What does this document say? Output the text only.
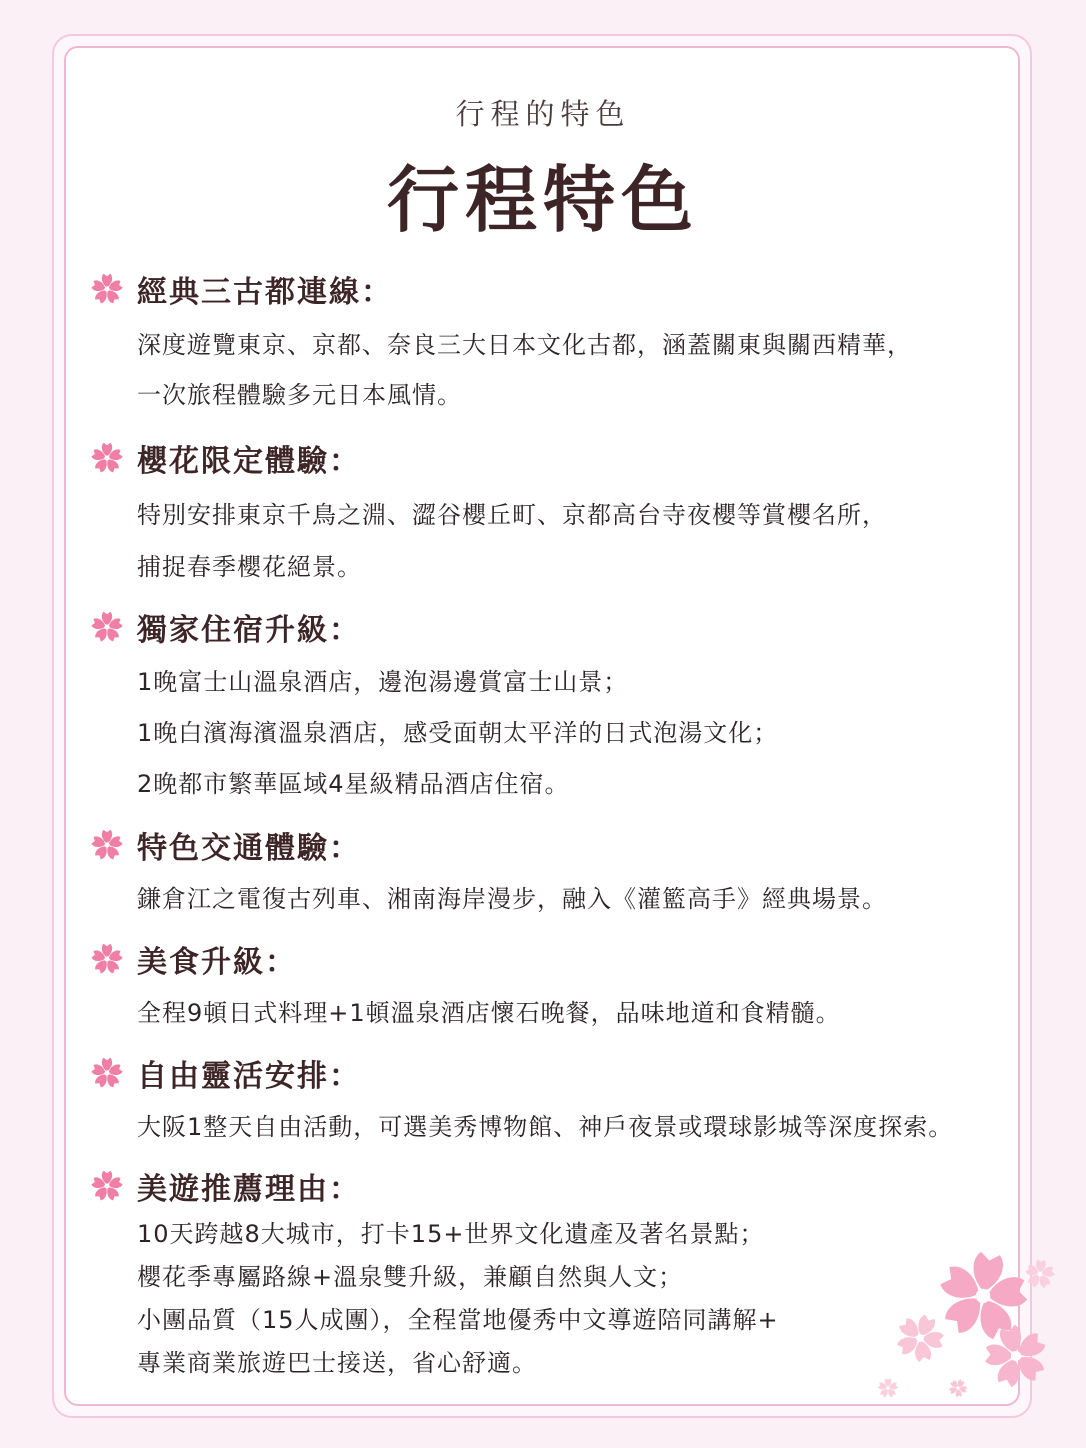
行程的特色
行程特色
經典三古都連線：
深度遊覽東京、京都、奈良三大日本文化古都，涵蓋關東與關西精華，
一次旅程體驗多元日本風情。
櫻花限定體驗：
特別安排東京千鳥之淵、澀谷櫻丘町、京都高台寺夜櫻等賞櫻名所，
捕捉春季櫻花絕景。
獨家住宿升級：
1晚富士山溫泉酒店，邊泡湯邊賞富士山景；
1晚白濱海濱溫泉酒店，感受面朝太平洋的日式泡湯文化；
2晚都市繁華區域4星級精品酒店住宿。
特色交通體驗：
鎌倉江之電復古列車、湘南海岸漫步，融入《灌籃高手》經典場景。
美食升級：
全程9頓日式料理+1頓溫泉酒店懷石晚餐，品味地道和食精髓。
自由靈活安排：
大阪1整天自由活動，可選美秀博物館、神戶夜景或環球影城等深度探索。
美遊推薦理由：
10天跨越8大城市，打卡15+世界文化遺產及著名景點；
櫻花季專屬路線+溫泉雙升級，兼顧自然與人文；
小團品質（15人成團），全程當地優秀中文導遊陪同講解+
專業商業旅遊巴士接送，省心舒適。
